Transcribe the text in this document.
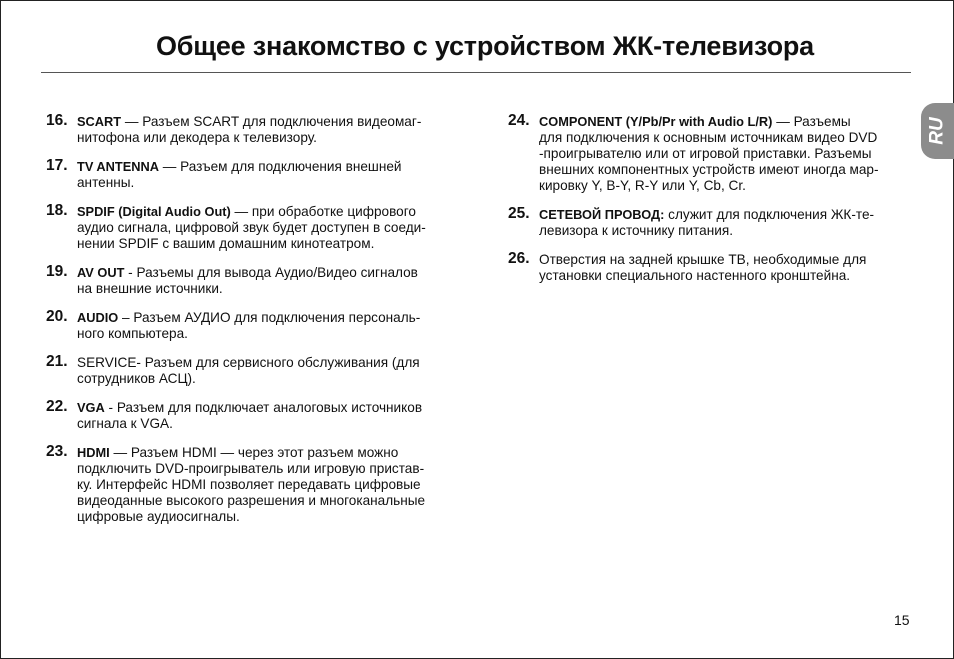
Общее знакомство с устройством ЖК-телевизора
RU
16. SCART — Разъем SCART для подключения видеомаг-
нитофона или декодера к телевизору.
17. TV ANTENNA — Разъем для подключения внешней
антенны.
18. SPDIF (Digital Audio Out) — при обработке цифрового
аудио сигнала, цифровой звук будет доступен в соеди-
нении SPDIF с вашим домашним кинотеатром.
19. AV OUT - Разъемы для вывода Аудио/Видео сигналов
на внешние источники.
20. AUDIO – Разъем АУДИО для подключения персональ-
ного компьютера.
21. SERVICE- Разъем для сервисного обслуживания (для
сотрудников АСЦ).
22. VGA - Разъем для подключает аналоговых источников
сигнала к VGA.
23. HDMI — Разъем HDMI — через этот разъем можно
подключить DVD-проигрыватель или игровую пристав-
ку. Интерфейс HDMI позволяет передавать цифровые
видеоданные высокого разрешения и многоканальные
цифровые аудиосигналы.
24. COMPONENT (Y/Pb/Pr with Audio L/R) — Разъемы
для подключения к основным источникам видео DVD
-проигрывателю или от игровой приставки. Разъемы
внешних компонентных устройств имеют иногда мар-
кировку Y, B-Y, R-Y или Y, Cb, Cr.
25. СЕТЕВОЙ ПРОВОД: служит для подключения ЖК-те-
левизора к источнику питания.
26. Отверстия на задней крышке ТВ, необходимые для
установки специального настенного кронштейна.
15
